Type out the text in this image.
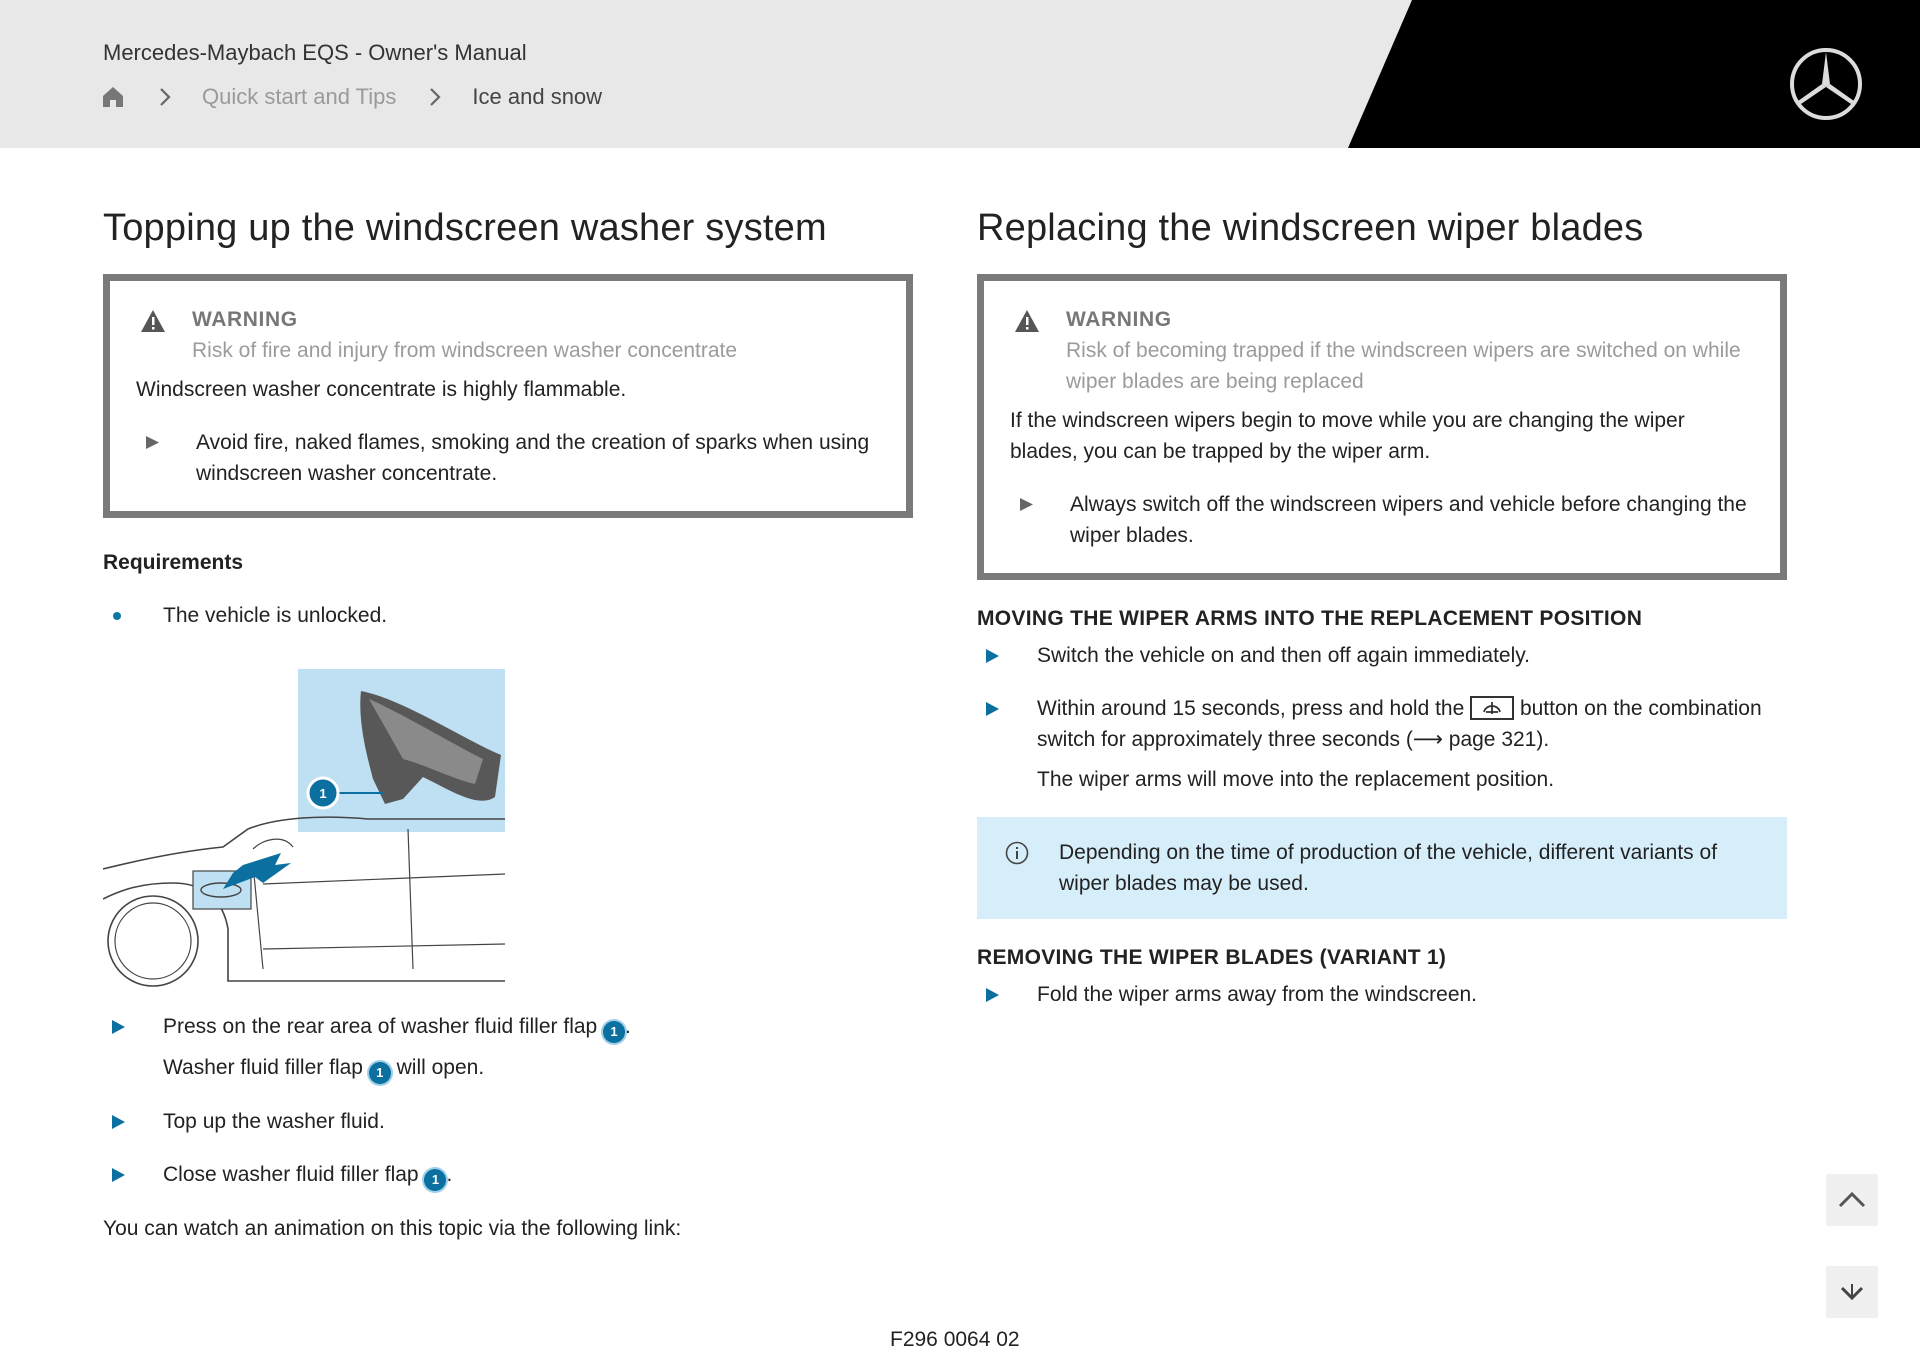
Mercedes-Maybach EQS - Owner's Manual
Quick start and Tips	Ice and snow
Topping up the windscreen washer system
WARNING
Risk of fire and injury from windscreen washer concentrate
Windscreen washer concentrate is highly flammable.
Avoid fire, naked flames, smoking and the creation of sparks when using windscreen washer concentrate.
Requirements
The vehicle is unlocked.
1
Press on the rear area of washer fluid filler flap 1 .
Washer fluid filler flap 1 will open.
Top up the washer fluid.
Close washer fluid filler flap 1 .
You can watch an animation on this topic via the following link:
Replacing the windscreen wiper blades
WARNING
Risk of becoming trapped if the windscreen wipers are switched on while wiper blades are being replaced
If the windscreen wipers begin to move while you are changing the wiper blades, you can be trapped by the wiper arm.
Always switch off the windscreen wipers and vehicle before changing the wiper blades.
MOVING THE WIPER ARMS INTO THE REPLACEMENT POSITION
Switch the vehicle on and then off again immediately.
Within around 15 seconds, press and hold the
button on the combination switch for approximately three seconds (⟶ page 321).
The wiper arms will move into the replacement position.
Depending on the time of production of the vehicle, different variants of wiper blades may be used.
REMOVING THE WIPER BLADES (VARIANT 1)
Fold the wiper arms away from the windscreen.
F296 0064 02
